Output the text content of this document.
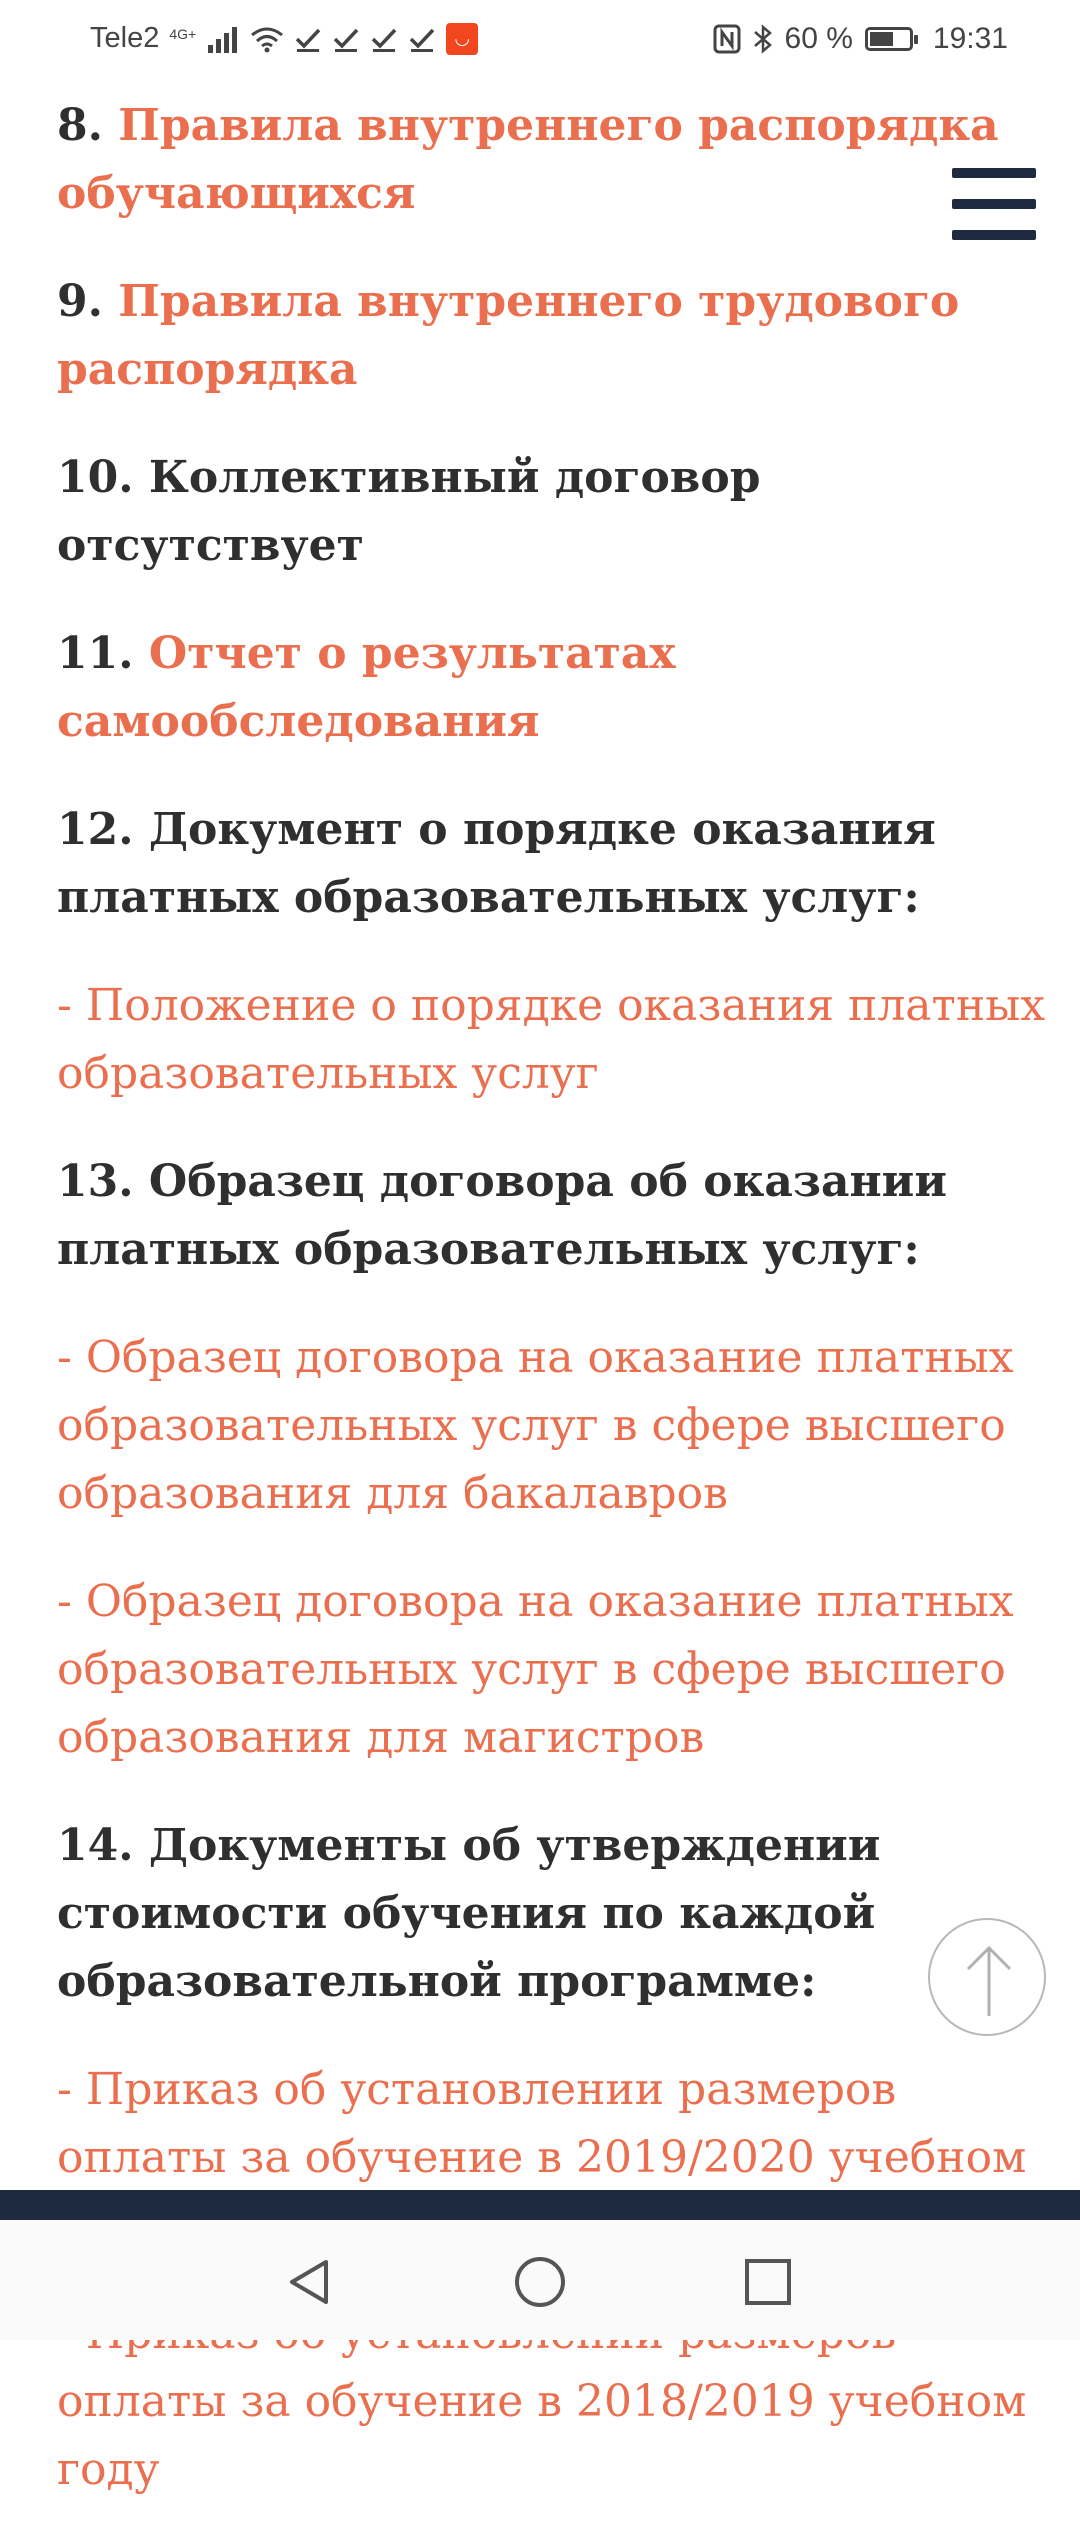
Tele2 4G+	◡	60 %	19:31

8. Правила внутреннего распорядка обучающихся

9. Правила внутреннего трудового распорядка

10. Коллективный договор отсутствует

11. Отчет о результатах самообследования

12. Документ о порядке оказания платных образовательных услуг:

- Положение о порядке оказания платных образовательных услуг

13. Образец договора об оказании платных образовательных услуг:

- Образец договора на оказание платных образовательных услуг в сфере высшего образования для бакалавров

- Образец договора на оказание платных образовательных услуг в сфере высшего образования для магистров

14. Документы об утверждении стоимости обучения по каждой образовательной программе:

- Приказ об установлении размеров оплаты за обучение в 2019/2020 учебном

оплаты за обучение в 2018/2019 учебном году
